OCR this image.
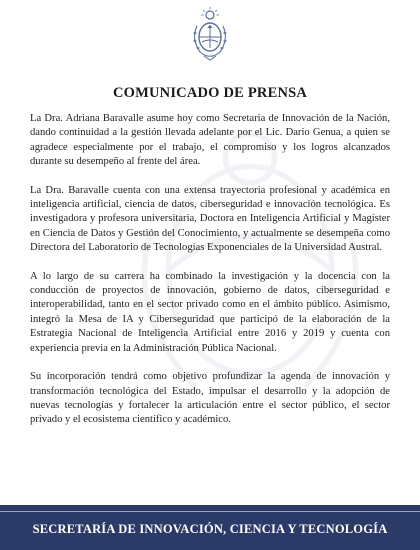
COMUNICADO DE PRENSA

La Dra. Adriana Baravalle asume hoy como Secretaria de Innovación de la Nación, dando continuidad a la gestión llevada adelante por el Lic. Dario Genua, a quien se agradece especialmente por el trabajo, el compromiso y los logros alcanzados durante su desempeño al frente del área.

La Dra. Baravalle cuenta con una extensa trayectoria profesional y académica en inteligencia artificial, ciencia de datos, ciberseguridad e innovación tecnológica. Es investigadora y profesora universitaria, Doctora en Inteligencia Artificial y Magíster en Ciencia de Datos y Gestión del Conocimiento, y actualmente se desempeña como Directora del Laboratorio de Tecnologías Exponenciales de la Universidad Austral.

A lo largo de su carrera ha combinado la investigación y la docencia con la conducción de proyectos de innovación, gobierno de datos, ciberseguridad e interoperabilidad, tanto en el sector privado como en el ámbito público. Asimismo, integró la Mesa de IA y Ciberseguridad que participó de la elaboración de la Estrategia Nacional de Inteligencia Artificial entre 2016 y 2019 y cuenta con experiencia previa en la Administración Pública Nacional.

Su incorporación tendrá como objetivo profundizar la agenda de innovación y transformación tecnológica del Estado, impulsar el desarrollo y la adopción de nuevas tecnologías y fortalecer la articulación entre el sector público, el sector privado y el ecosistema científico y académico.

SECRETARÍA DE INNOVACIÓN, CIENCIA Y TECNOLOGÍA
